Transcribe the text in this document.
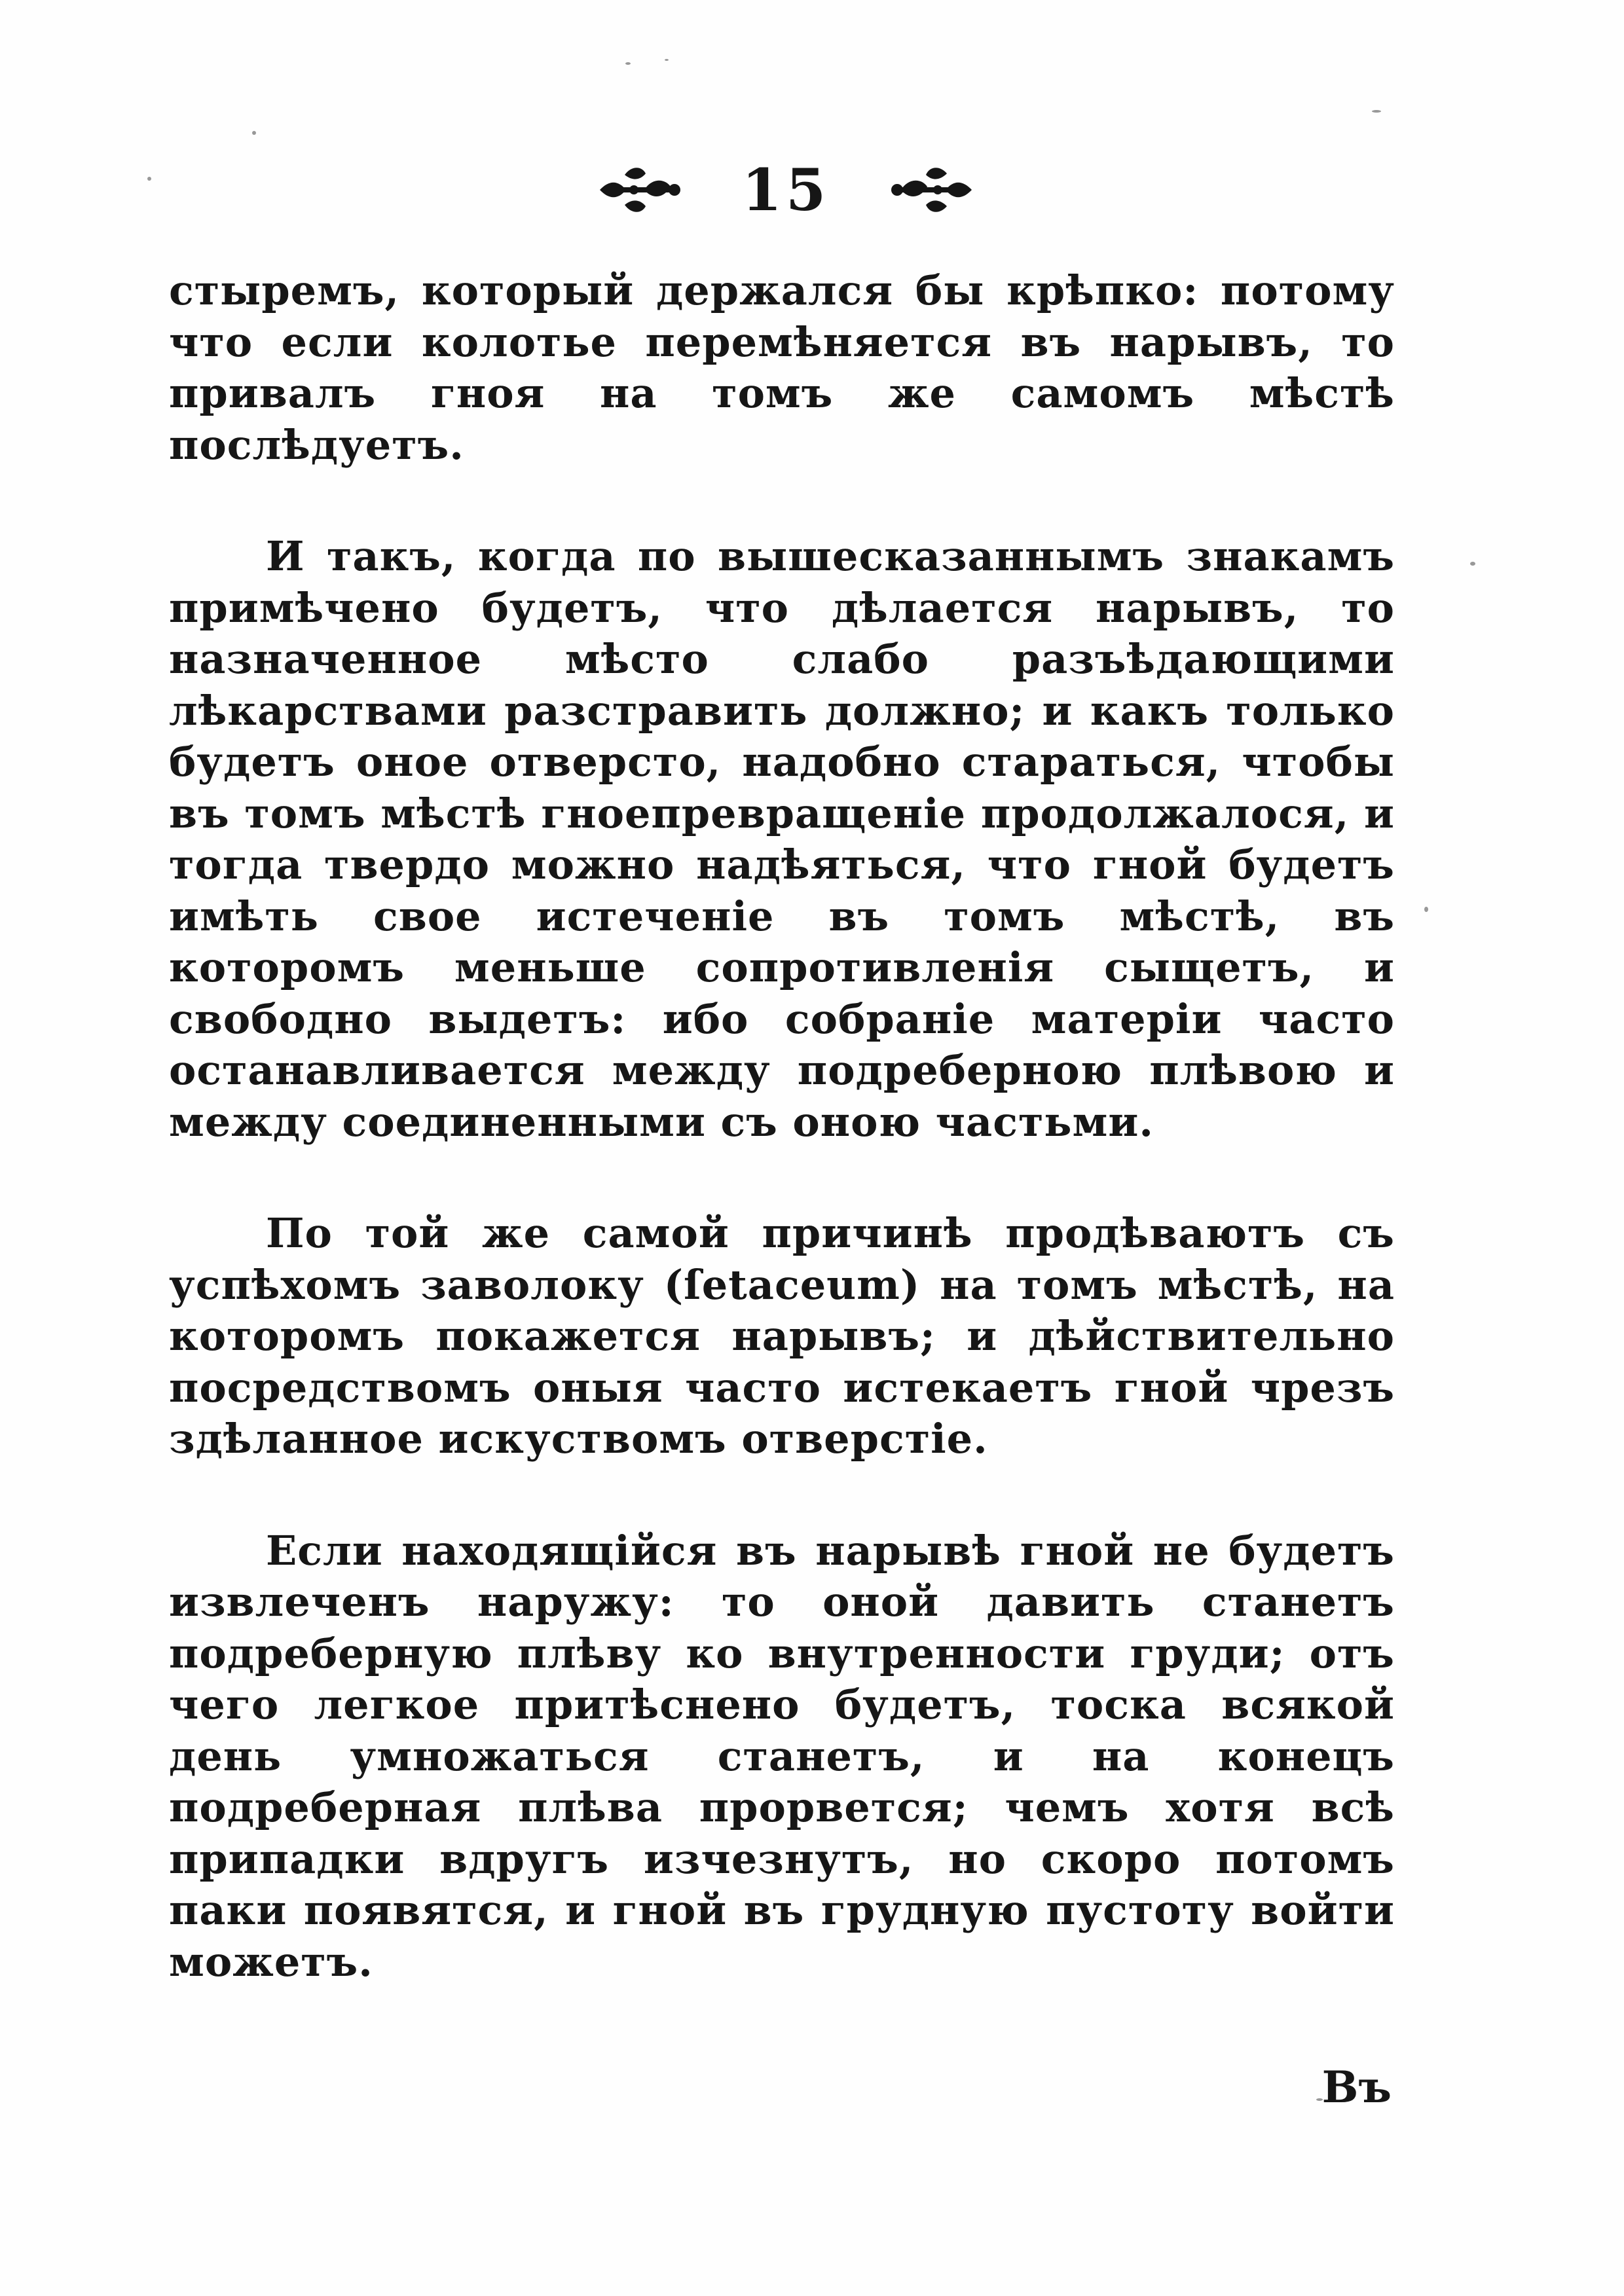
15

стыремъ, который держался бы крѣпко: потому что если колотье перемѣняется въ нарывъ, то привалъ гноя на томъ же самомъ мѣстѣ послѣдуетъ.

И такъ, когда по вышесказаннымъ знакамъ примѣчено будетъ, что дѣлается нарывъ, то назначенное мѣсто слабо разъѣдающими лѣкарствами разстравить должно; и какъ только будетъ оное отверсто, надобно стараться, чтобы въ томъ мѣстѣ гноепревращеніе продолжалося, и тогда твердо можно надѣяться, что гной будетъ имѣть свое истеченіе въ томъ мѣстѣ, въ которомъ меньше сопротивленія сыщетъ, и свободно выдетъ: ибо собраніе матеріи часто останавливается между подреберною плѣвою и между соединенными съ оною частьми.

По той же самой причинѣ продѣваютъ съ успѣхомъ заволоку (ſetaceum) на томъ мѣстѣ, на которомъ покажется нарывъ; и дѣйствительно посредствомъ оныя часто истекаетъ гной чрезъ здѣланное искуствомъ отверстіе.

Если находящійся въ нарывѣ гной не будетъ извлеченъ наружу: то оной давить станетъ подреберную плѣву ко внутренности груди; отъ чего легкое притѣснено будетъ, тоска всякой день умножаться станетъ, и на конецъ подреберная плѣва прорвется; чемъ хотя всѣ припадки вдругъ изчезнутъ, но скоро потомъ паки появятся, и гной въ грудную пустоту войти можетъ.

Въ
